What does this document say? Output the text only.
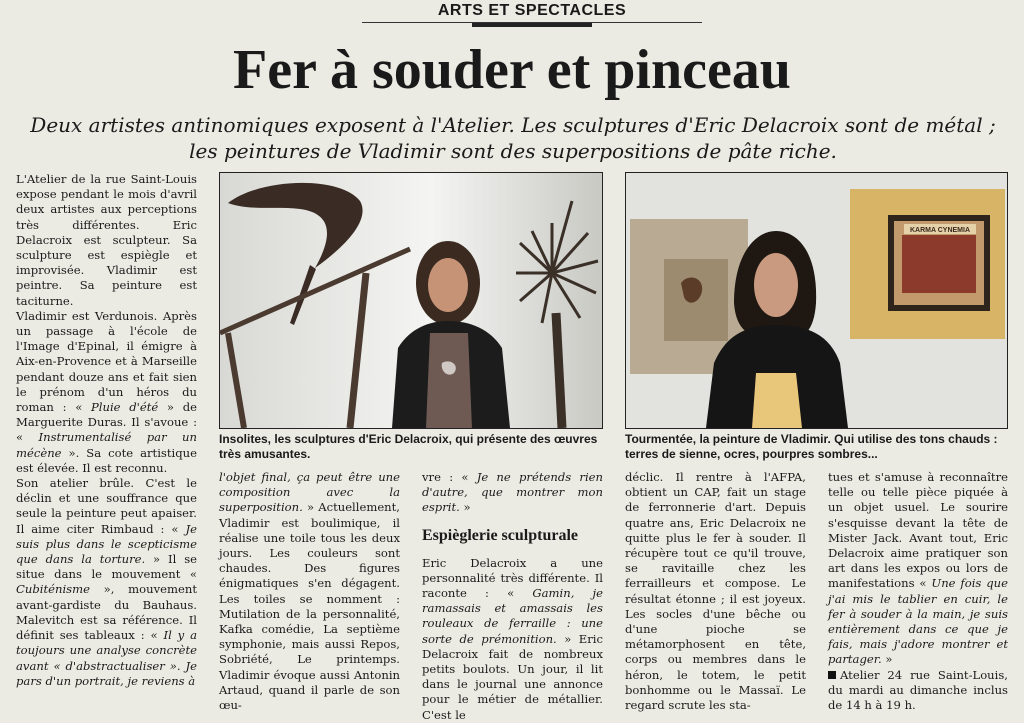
ARTS ET SPECTACLES
Fer à souder et pinceau
Deux artistes antinomiques exposent à l'Atelier. Les sculptures d'Eric Delacroix sont de métal ; les peintures de Vladimir sont des superpositions de pâte riche.

L'Atelier de la rue Saint-Louis expose pendant le mois d'avril deux artistes aux perceptions très différentes. Eric Delacroix est sculpteur. Sa sculpture est espiègle et improvisée. Vladimir est peintre. Sa peinture est taciturne.

Vladimir est Verdunois. Après un passage à l'école de l'Image d'Epinal, il émigre à Aix-en-Provence et à Marseille pendant douze ans et fait sien le prénom d'un héros du roman : « Pluie d'été » de Marguerite Duras. Il s'avoue : « Instrumentalisé par un mécène ». Sa cote artistique est élevée. Il est reconnu.

Son atelier brûle. C'est le déclin et une souffrance que seule la peinture peut apaiser. Il aime citer Rimbaud : « Je suis plus dans le scepticisme que dans la torture. » Il se situe dans le mouvement « Cubiténisme », mouvement avant-gardiste du Bauhaus. Malevitch est sa référence. Il définit ses tableaux : « Il y a toujours une analyse concrète avant « d'abstractualiser ». Je pars d'un portrait, je reviens à

Insolites, les sculptures d'Eric Delacroix, qui présente des œuvres très amusantes.
KARMA CYNEMIA
Tourmentée, la peinture de Vladimir. Qui utilise des tons chauds : terres de sienne, ocres, pourpres sombres...

l'objet final, ça peut être une composition avec la superposition. » Actuellement, Vladimir est boulimique, il réalise une toile tous les deux jours. Les couleurs sont chaudes. Des figures énigmatiques s'en dégagent. Les toiles se nomment : Mutilation de la personnalité, Kafka comédie, La septième symphonie, mais aussi Repos, Sobriété, Le printemps. Vladimir évoque aussi Antonin Artaud, quand il parle de son œu-

vre : « Je ne prétends rien d'autre, que montrer mon esprit. »

Espièglerie sculpturale

Eric Delacroix a une personnalité très différente. Il raconte : « Gamin, je ramassais et amassais les rouleaux de ferraille : une sorte de prémonition. » Eric Delacroix fait de nombreux petits boulots. Un jour, il lit dans le journal une annonce pour le métier de métallier. C'est le

déclic. Il rentre à l'AFPA, obtient un CAP, fait un stage de ferronnerie d'art. Depuis quatre ans, Eric Delacroix ne quitte plus le fer à souder. Il récupère tout ce qu'il trouve, se ravitaille chez les ferrailleurs et compose. Le résultat étonne ; il est joyeux. Les socles d'une bêche ou d'une pioche se métamorphosent en tête, corps ou membres dans le héron, le totem, le petit bonhomme ou le Massaï. Le regard scrute les sta-

tues et s'amuse à reconnaître telle ou telle pièce piquée à un objet usuel. Le sourire s'esquisse devant la tête de Mister Jack. Avant tout, Eric Delacroix aime pratiquer son art dans les expos ou lors de manifestations « Une fois que j'ai mis le tablier en cuir, le fer à souder à la main, je suis entièrement dans ce que je fais, mais j'adore montrer et partager. »

Atelier 24 rue Saint-Louis, du mardi au dimanche inclus de 14 h à 19 h.
